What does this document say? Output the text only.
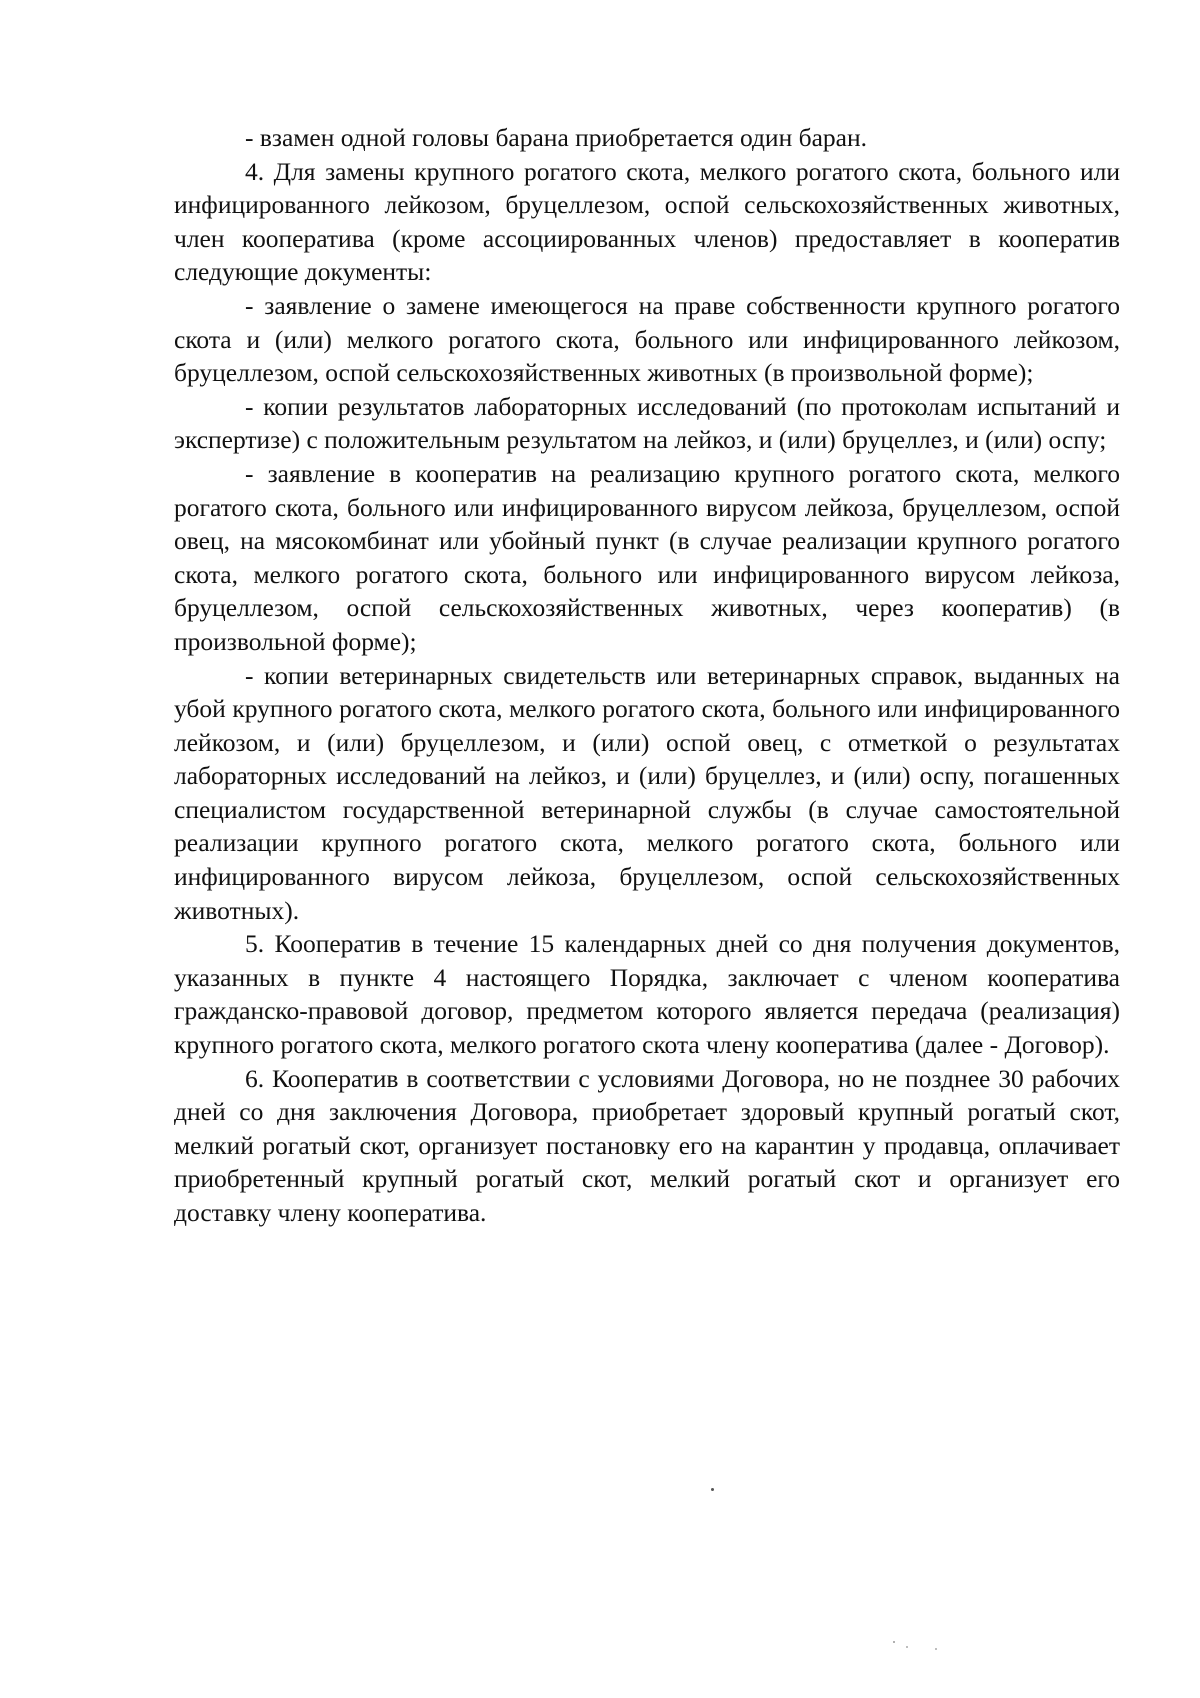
- взамен одной головы барана приобретается один баран.

4. Для замены крупного рогатого скота, мелкого рогатого скота, больного или инфицированного лейкозом, бруцеллезом, оспой сельскохозяйственных животных, член кооператива (кроме ассоциированных членов) предоставляет в кооператив следующие документы:

- заявление о замене имеющегося на праве собственности крупного рогатого скота и (или) мелкого рогатого скота, больного или инфицированного лейкозом, бруцеллезом, оспой сельскохозяйственных животных (в произвольной форме);

- копии результатов лабораторных исследований (по протоколам испытаний и экспертизе) с положительным результатом на лейкоз, и (или) бруцеллез, и (или) оспу;

- заявление в кооператив на реализацию крупного рогатого скота, мелкого рогатого скота, больного или инфицированного вирусом лейкоза, бруцеллезом, оспой овец, на мясокомбинат или убойный пункт (в случае реализации крупного рогатого скота, мелкого рогатого скота, больного или инфицированного вирусом лейкоза, бруцеллезом, оспой сельскохозяйственных животных, через кооператив) (в произвольной форме);

- копии ветеринарных свидетельств или ветеринарных справок, выданных на убой крупного рогатого скота, мелкого рогатого скота, больного или инфицированного лейкозом, и (или) бруцеллезом, и (или) оспой овец, с отметкой о результатах лабораторных исследований на лейкоз, и (или) бруцеллез, и (или) оспу, погашенных специалистом государственной ветеринарной службы (в случае самостоятельной реализации крупного рогатого скота, мелкого рогатого скота, больного или инфицированного вирусом лейкоза, бруцеллезом, оспой сельскохозяйственных животных).

5. Кооператив в течение 15 календарных дней со дня получения документов, указанных в пункте 4 настоящего Порядка, заключает с членом кооператива гражданско-правовой договор, предметом которого является передача (реализация) крупного рогатого скота, мелкого рогатого скота члену кооператива (далее - Договор).

6. Кооператив в соответствии с условиями Договора, но не позднее 30 рабочих дней со дня заключения Договора, приобретает здоровый крупный рогатый скот, мелкий рогатый скот, организует постановку его на карантин у продавца, оплачивает приобретенный крупный рогатый скот, мелкий рогатый скот и организует его доставку члену кооператива.
